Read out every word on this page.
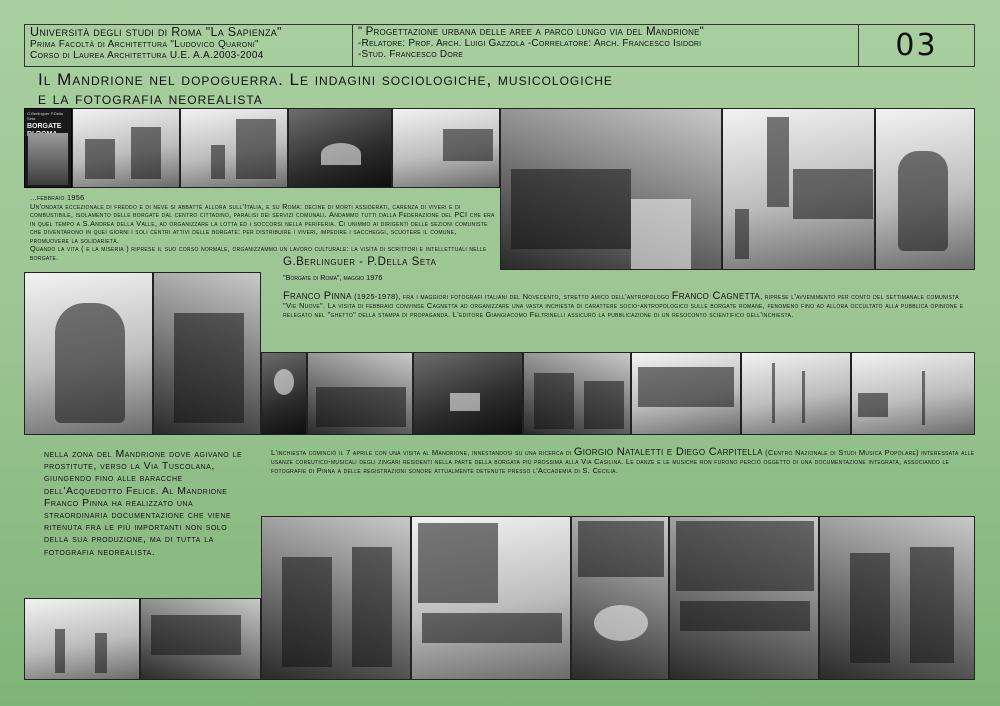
Università degli studi di Roma "La Sapienza"
Prima Facoltà di Architettura "Ludovico Quaroni"
Corso di Laurea Architettura U.E. A.A.2003-2004
" Progettazione urbana delle aree a parco lungo via del Mandrione"
-Relatore: Prof. Arch. Luigi Gazzola -Correlatore: Arch. Francesco Isidori
-Stud. Francesco Dore	03
Il Mandrione nel dopoguerra. Le indagini sociologiche, musicologiche
e la fotografia neorealista
G.Berlinguer P.Della Seta
BORGATE
...febbraio 1956
Un'ondata eccezionale di freddo e di neve si abbatté allora sull'Italia, e su Roma: decine di morti assiderati, carenza di viveri e di combustibile, isolamento delle borgate dal centro cittadino, paralisi dei servizi comunali. Andammo tutti dalla Federazione del PCI che era in quel tempo a S.Andrea della Valle, ad organizzare la lotta ed i soccorsi nella periferia. Ci unimmo ai dirigenti delle sezioni comuniste che diventarono in quei giorni i soli centri attivi delle borgate: per distribuire i viveri, impedire i saccheggi, scuotere il comune, promuovere la solidarietà.
Quando la vita ( e la miseria ) riprese il suo corso normale, organizzammo un lavoro culturale: la visita di scrittori e intellettuali nelle borgate.	G.Berlinguer - P.Della Seta
"Borgate di Roma", maggio 1976
Franco Pinna (1925-1978), fra i maggiori fotografi italiani del Novecento, stretto amico dell'antropologo Franco Cagnetta, riprese l'avvenimento per conto del settimanale comunista "Vie Nuove". La visita di febbraio convinse Cagnetta ad organizzare una vasta inchiesta di carattere socio-antropologico sulle borgate romane, fenomeno fino ad allora occultato alla pubblica opinione e relegato nel "ghetto" della stampa di propaganda. L'editore Giangiacomo Feltrinelli assicurò la pubblicazione di un resoconto scientifico dell'inchiesta.
nella zona del Mandrione dove agivano le prostitute, verso la Via Tuscolana, giungendo fino alle baracche dell'Acquedotto Felice. Al Mandrione Franco Pinna ha realizzato una straordinaria documentazione che viene ritenuta fra le più importanti non solo della sua produzione, ma di tutta la fotografia neorealista.
L'inchiesta cominciò il 7 aprile con una visita al Mandrione, innestandosi su una ricerca di Giorgio Nataletti e Diego Carpitella (Centro Nazionale di Studi Musica Popolare) interessata alle usanze coreutico-musicali degli zingari residenti nella parte della borgata più prossima alla Via Casilina. Le danze e le musiche ron furono perciò oggetto di una documentazione integrata, associando le fotografie di Pinna a delle registrazioni sonore attualmente detenute presso l'Accademia di S. Cecilia.
